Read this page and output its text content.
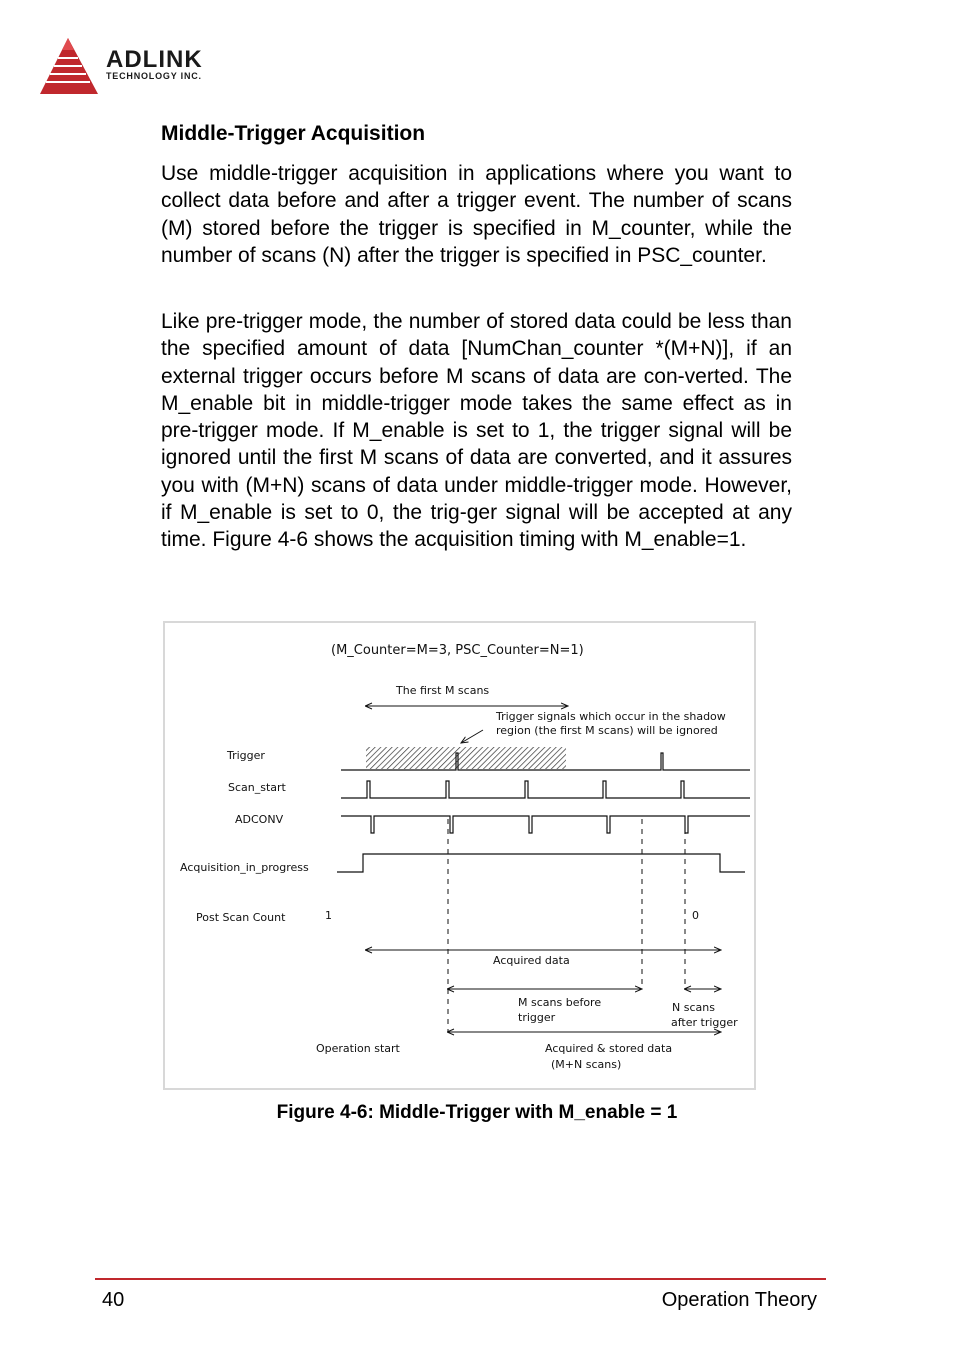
ADLINK
TECHNOLOGY INC.
Middle-Trigger Acquisition

Use middle-trigger acquisition in applications where you want to collect data before and after a trigger event. The number of scans (M) stored before the trigger is specified in M_counter, while the number of scans (N) after the trigger is specified in PSC_counter.

Like pre-trigger mode, the number of stored data could be less than the specified amount of data [NumChan_counter *(M+N)], if an external trigger occurs before M scans of data are con-verted. The M_enable bit in middle-trigger mode takes the same effect as in pre-trigger mode. If M_enable is set to 1, the trigger signal will be ignored until the first M scans of data are converted, and it assures you with (M+N) scans of data under middle-trigger mode. However, if M_enable is set to 0, the trig-ger signal will be accepted at any time. Figure 4-6 shows the acquisition timing with M_enable=1.

(M_Counter=M=3, PSC_Counter=N=1)
The first M scans
Trigger signals which occur in the shadow
region (the first M scans) will be ignored
Trigger
Scan_start
ADCONV
Acquisition_in_progress
Post Scan Count	1	0
Acquired data
M scans before
trigger
N scans
after trigger
Operation start	Acquired & stored data
(M+N scans)
Figure 4-6: Middle-Trigger with M_enable = 1
40	Operation Theory
